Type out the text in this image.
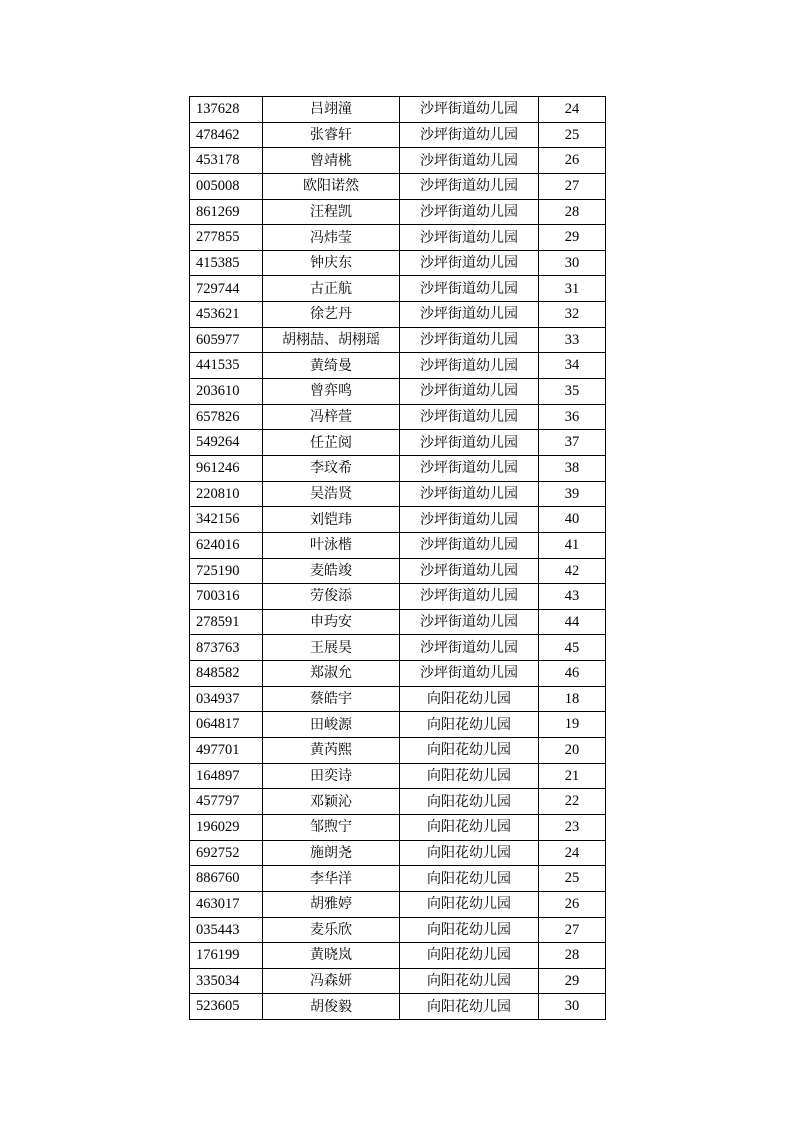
137628	吕翊潼	沙坪街道幼儿园	24
478462	张睿轩	沙坪街道幼儿园	25
453178	曾靖桃	沙坪街道幼儿园	26
005008	欧阳诺然	沙坪街道幼儿园	27
861269	汪程凯	沙坪街道幼儿园	28
277855	冯炜莹	沙坪街道幼儿园	29
415385	钟庆东	沙坪街道幼儿园	30
729744	古正航	沙坪街道幼儿园	31
453621	徐艺丹	沙坪街道幼儿园	32
605977	胡栩喆、胡栩瑶	沙坪街道幼儿园	33
441535	黄绮曼	沙坪街道幼儿园	34
203610	曾弈鸣	沙坪街道幼儿园	35
657826	冯梓萱	沙坪街道幼儿园	36
549264	任芷阅	沙坪街道幼儿园	37
961246	李玟希	沙坪街道幼儿园	38
220810	吴浩贤	沙坪街道幼儿园	39
342156	刘铠玮	沙坪街道幼儿园	40
624016	叶泳楷	沙坪街道幼儿园	41
725190	麦皓竣	沙坪街道幼儿园	42
700316	劳俊添	沙坪街道幼儿园	43
278591	申玙安	沙坪街道幼儿园	44
873763	王展昊	沙坪街道幼儿园	45
848582	郑淑允	沙坪街道幼儿园	46
034937	蔡皓宇	向阳花幼儿园	18
064817	田峻源	向阳花幼儿园	19
497701	黄芮熙	向阳花幼儿园	20
164897	田奕诗	向阳花幼儿园	21
457797	邓颖沁	向阳花幼儿园	22
196029	邹煦宁	向阳花幼儿园	23
692752	施朗尧	向阳花幼儿园	24
886760	李华洋	向阳花幼儿园	25
463017	胡雅婷	向阳花幼儿园	26
035443	麦乐欣	向阳花幼儿园	27
176199	黄晓岚	向阳花幼儿园	28
335034	冯森妍	向阳花幼儿园	29
523605	胡俊毅	向阳花幼儿园	30
